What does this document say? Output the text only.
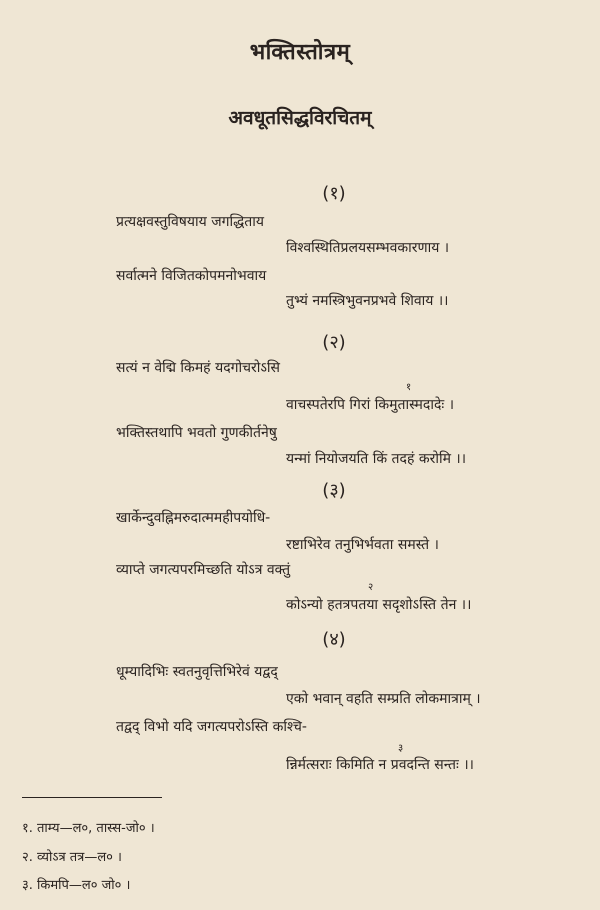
भक्तिस्तोत्रम्
अवधूतसिद्धविरचितम्
(१)
प्रत्यक्षवस्तुविषयाय जगद्धिताय
विश्वस्थितिप्रलयसम्भवकारणाय ।
सर्वात्मने विजितकोपमनोभवाय
तुभ्यं नमस्त्रिभुवनप्रभवे शिवाय ।।
(२)
सत्यं न वेद्मि किमहं यदगोचरोऽसि
१
वाचस्पतेरपि गिरां किमुतास्मदादेः ।
भक्तिस्तथापि भवतो गुणकीर्तनेषु
यन्मां नियोजयति किं तदहं करोमि ।।
(३)
खार्केन्दुवह्निमरुदात्ममहीपयोधि-
रष्टाभिरेव तनुभिर्भवता समस्ते ।
व्याप्ते जगत्यपरमिच्छति योऽत्र वक्तुं
२
कोऽन्यो हतत्रपतया सदृशोऽस्ति तेन ।।
(४)
धूम्यादिभिः स्वतनुवृत्तिभिरेवं यद्वद्
एको भवान् वहति सम्प्रति लोकमात्राम् ।
तद्वद् विभो यदि जगत्यपरोऽस्ति कश्चि-
३
न्निर्मत्सराः किमिति न प्रवदन्ति सन्तः ।।
१. ताम्य—ल०, तास्स-जो० ।
२. व्योऽत्र तत्र—ल० ।
३. किमपि—ल० जो० ।
